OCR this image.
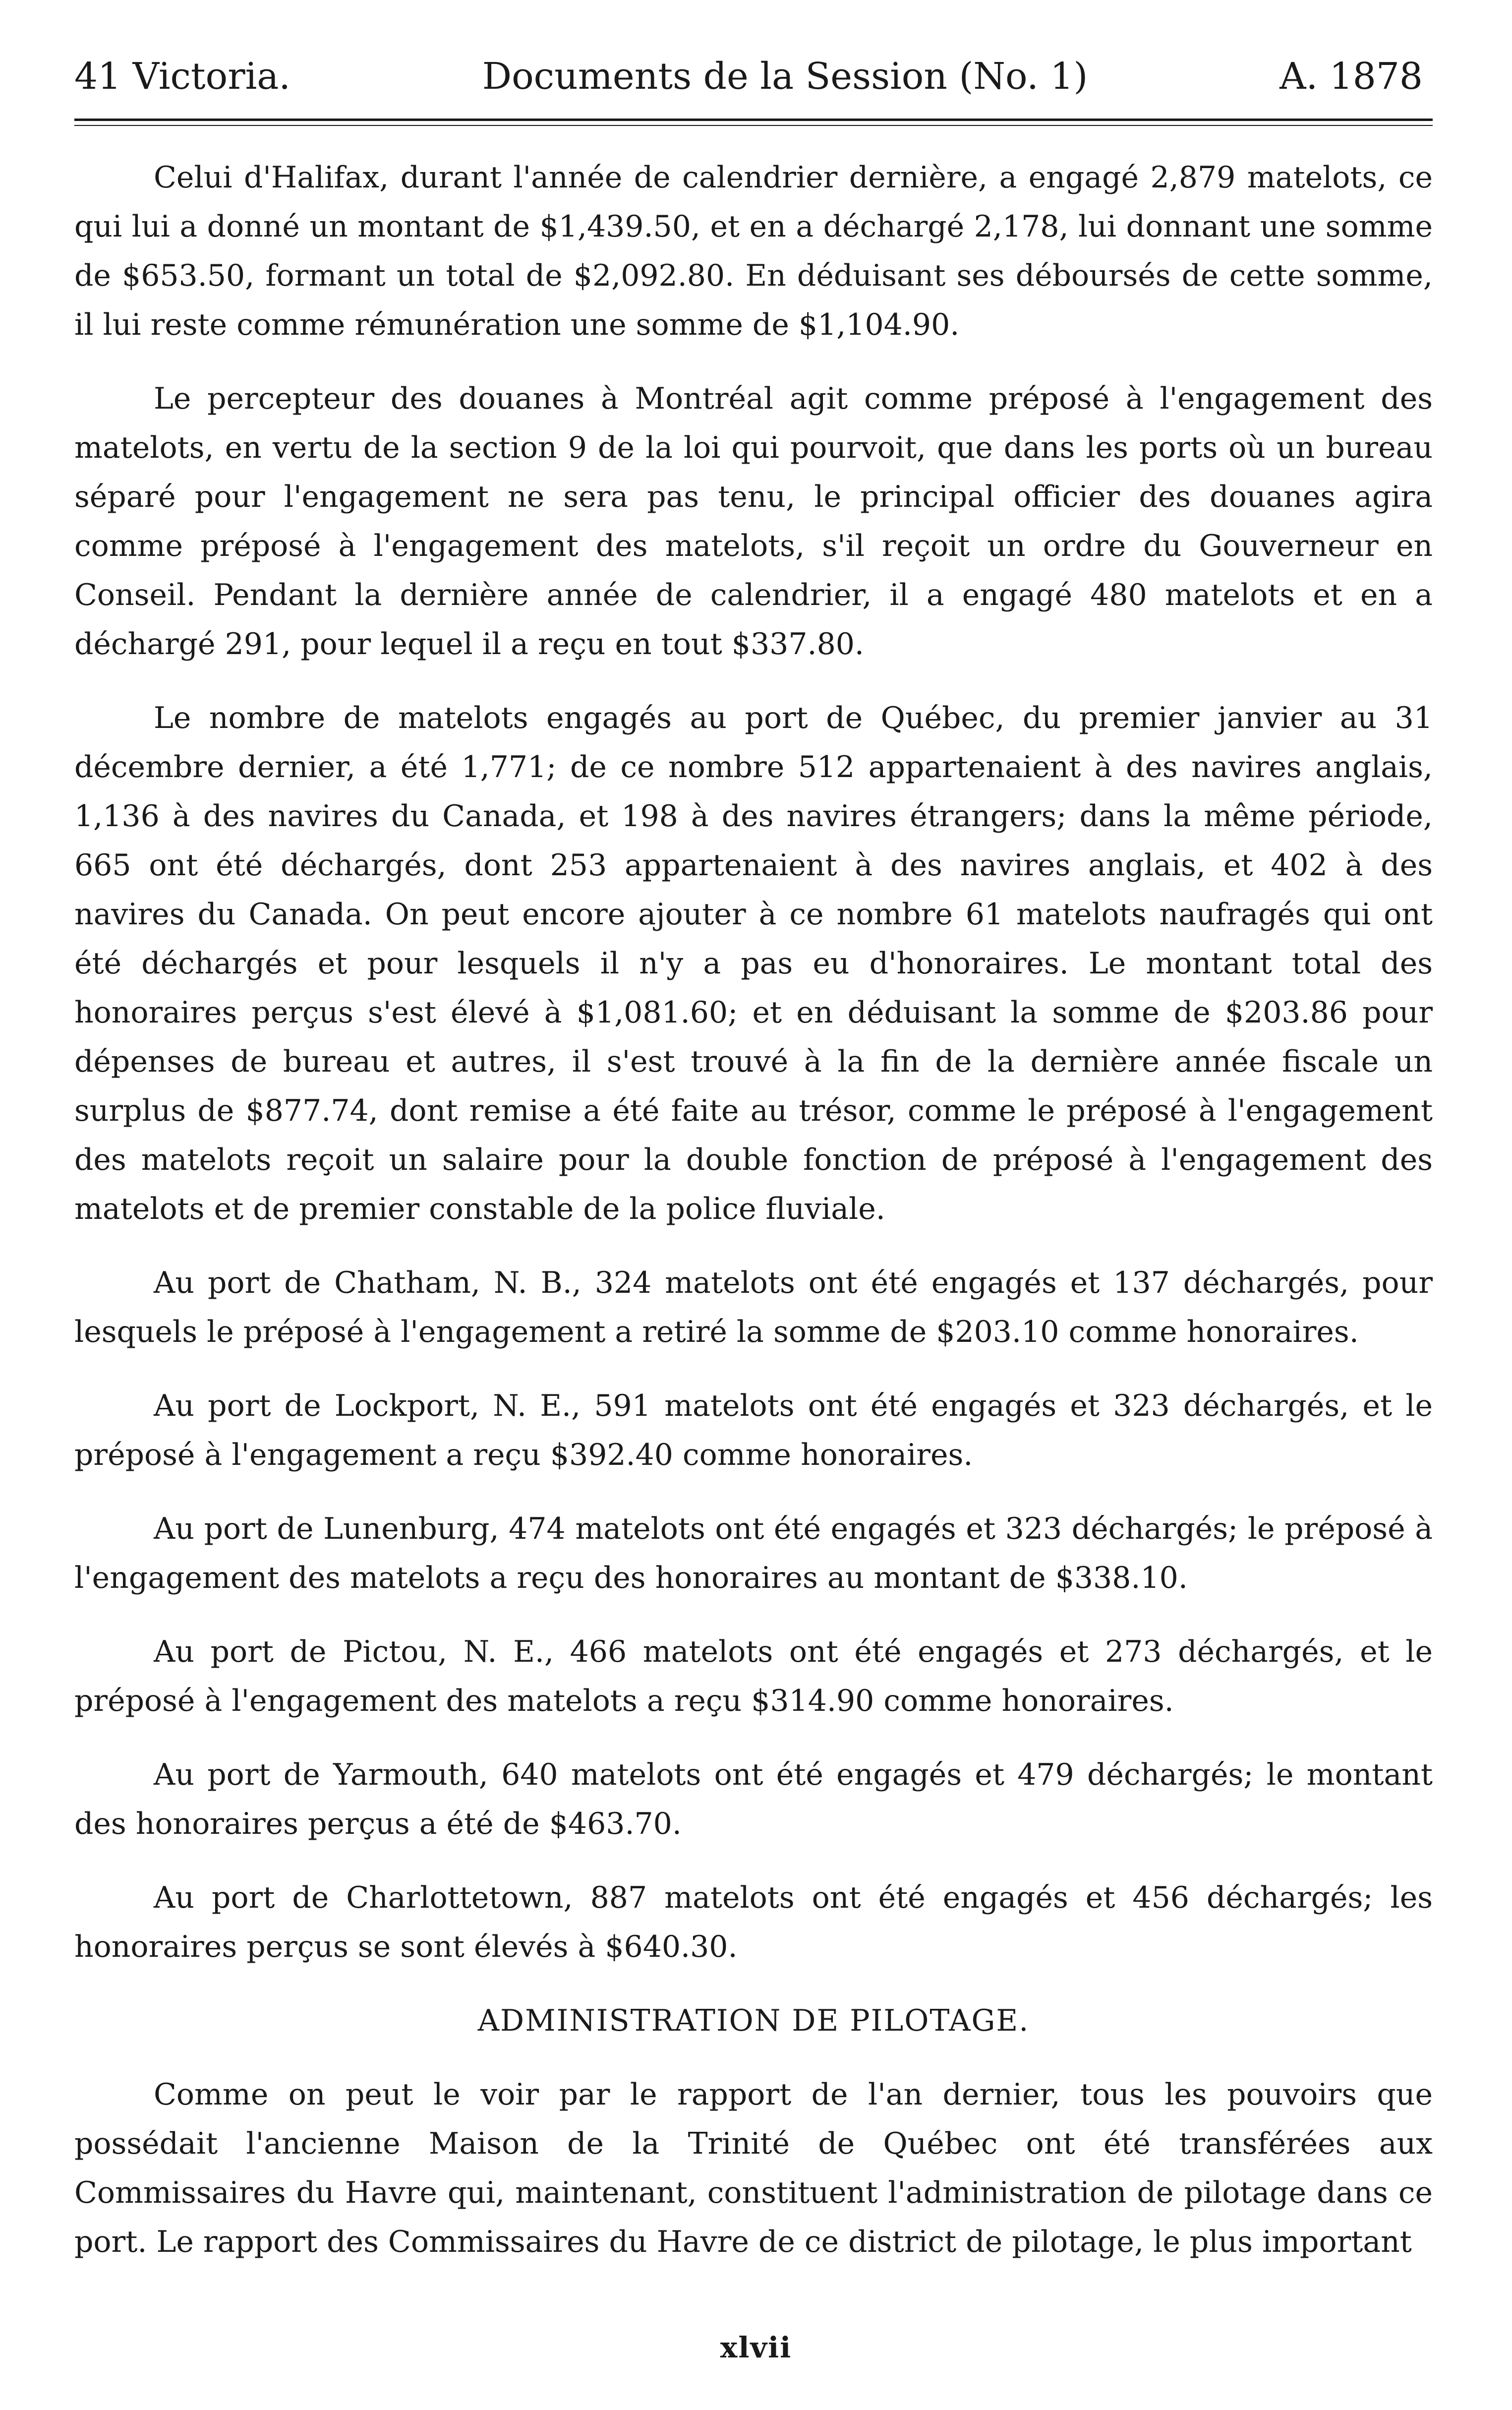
41 Victoria.	Documents de la Session (No. 1)	A. 1878

Celui d'Halifax, durant l'année de calendrier dernière, a engagé 2,879 matelots, ce qui lui a donné un montant de $1,439.50, et en a déchargé 2,178, lui donnant une somme de $653.50, formant un total de $2,092.80. En déduisant ses déboursés de cette somme, il lui reste comme rémunération une somme de $1,104.90.

Le percepteur des douanes à Montréal agit comme préposé à l'engagement des matelots, en vertu de la section 9 de la loi qui pourvoit, que dans les ports où un bureau séparé pour l'engagement ne sera pas tenu, le principal officier des douanes agira comme préposé à l'engagement des matelots, s'il reçoit un ordre du Gouverneur en Conseil. Pendant la dernière année de calendrier, il a engagé 480 matelots et en a déchargé 291, pour lequel il a reçu en tout $337.80.

Le nombre de matelots engagés au port de Québec, du premier janvier au 31 décembre dernier, a été 1,771; de ce nombre 512 appartenaient à des navires anglais, 1,136 à des navires du Canada, et 198 à des navires étrangers; dans la même période, 665 ont été déchargés, dont 253 appartenaient à des navires anglais, et 402 à des navires du Canada. On peut encore ajouter à ce nombre 61 matelots naufragés qui ont été déchargés et pour lesquels il n'y a pas eu d'honoraires. Le montant total des honoraires perçus s'est élevé à $1,081.60; et en déduisant la somme de $203.86 pour dépenses de bureau et autres, il s'est trouvé à la fin de la dernière année fiscale un surplus de $877.74, dont remise a été faite au trésor, comme le préposé à l'engagement des matelots reçoit un salaire pour la double fonction de préposé à l'engagement des matelots et de premier constable de la police fluviale.

Au port de Chatham, N. B., 324 matelots ont été engagés et 137 déchargés, pour lesquels le préposé à l'engagement a retiré la somme de $203.10 comme honoraires.

Au port de Lockport, N. E., 591 matelots ont été engagés et 323 déchargés, et le préposé à l'engagement a reçu $392.40 comme honoraires.

Au port de Lunenburg, 474 matelots ont été engagés et 323 déchargés; le préposé à l'engagement des matelots a reçu des honoraires au montant de $338.10.

Au port de Pictou, N. E., 466 matelots ont été engagés et 273 déchargés, et le préposé à l'engagement des matelots a reçu $314.90 comme honoraires.

Au port de Yarmouth, 640 matelots ont été engagés et 479 déchargés; le montant des honoraires perçus a été de $463.70.

Au port de Charlottetown, 887 matelots ont été engagés et 456 déchargés; les honoraires perçus se sont élevés à $640.30.

ADMINISTRATION DE PILOTAGE.

Comme on peut le voir par le rapport de l'an dernier, tous les pouvoirs que possédait l'ancienne Maison de la Trinité de Québec ont été transférées aux Commissaires du Havre qui, maintenant, constituent l'administration de pilotage dans ce port. Le rapport des Commissaires du Havre de ce district de pilotage, le plus important

xlvii
